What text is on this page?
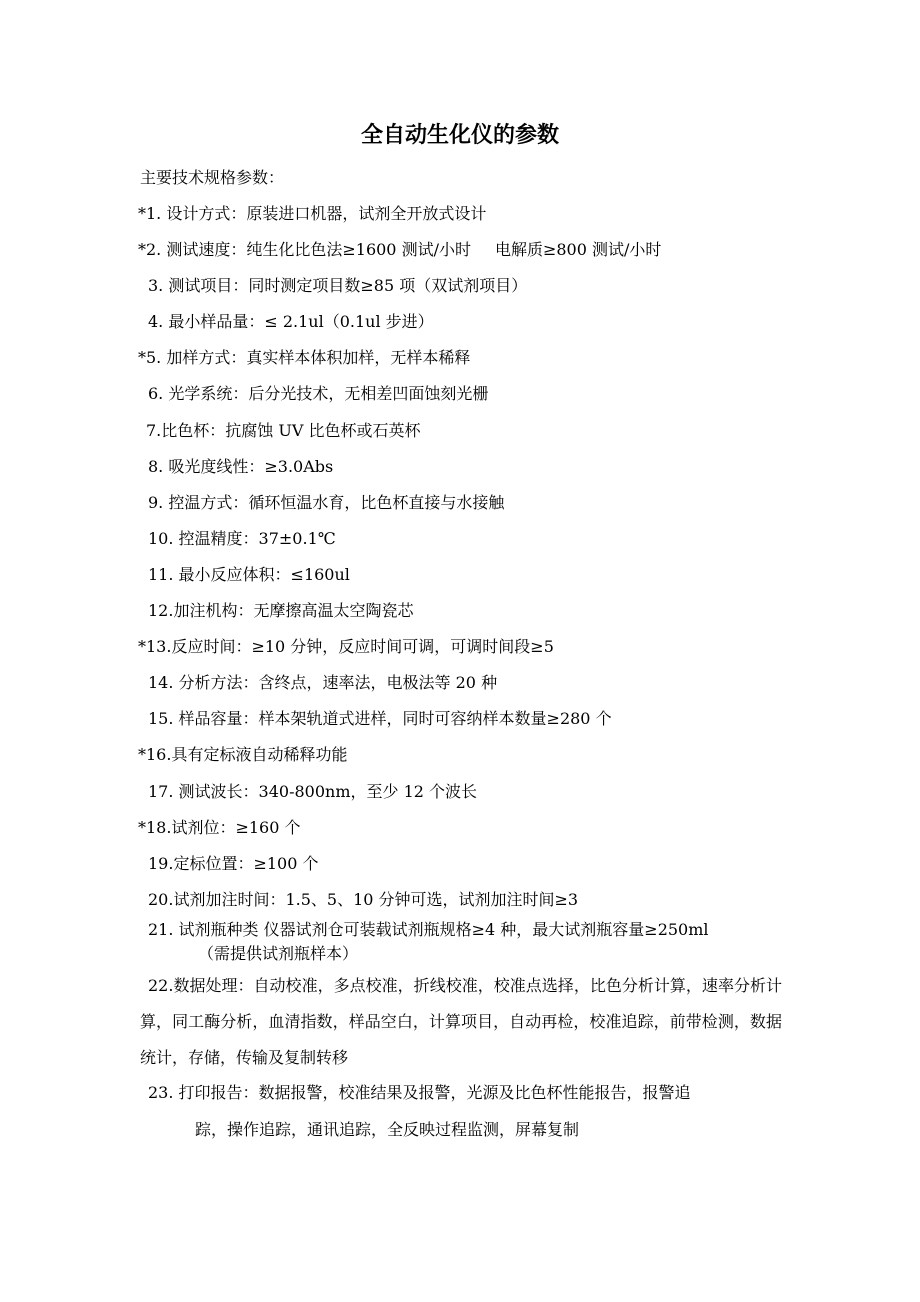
全自动生化仪的参数
主要技术规格参数：
*1. 设计方式：原装进口机器，试剂全开放式设计
*2. 测试速度：纯生化比色法≥1600 测试/小时 电解质≥800 测试/小时
3. 测试项目：同时测定项目数≥85 项（双试剂项目）
4. 最小样品量：≤ 2.1ul（0.1ul 步进）
*5. 加样方式：真实样本体积加样，无样本稀释
6. 光学系统：后分光技术，无相差凹面蚀刻光栅
7.比色杯：抗腐蚀 UV 比色杯或石英杯
8. 吸光度线性：≥3.0Abs
9. 控温方式：循环恒温水育，比色杯直接与水接触
10. 控温精度：37±0.1℃
11. 最小反应体积：≤160ul
12.加注机构：无摩擦高温太空陶瓷芯
*13.反应时间：≥10 分钟，反应时间可调，可调时间段≥5
14. 分析方法：含终点，速率法，电极法等 20 种
15. 样品容量：样本架轨道式进样，同时可容纳样本数量≥280 个
*16.具有定标液自动稀释功能
17. 测试波长：340-800nm，至少 12 个波长
*18.试剂位：≥160 个
19.定标位置：≥100 个
20.试剂加注时间：1.5、5、10 分钟可选，试剂加注时间≥3
21. 试剂瓶种类 仪器试剂仓可装载试剂瓶规格≥4 种，最大试剂瓶容量≥250ml
（需提供试剂瓶样本）
22.数据处理：自动校准，多点校准，折线校准，校准点选择，比色分析计算，速率分析计算，同工酶分析，血清指数，样品空白，计算项目，自动再检，校准追踪，前带检测，数据统计，存储，传输及复制转移
23. 打印报告：数据报警，校准结果及报警，光源及比色杯性能报告，报警追
踪，操作追踪，通讯追踪，全反映过程监测，屏幕复制
